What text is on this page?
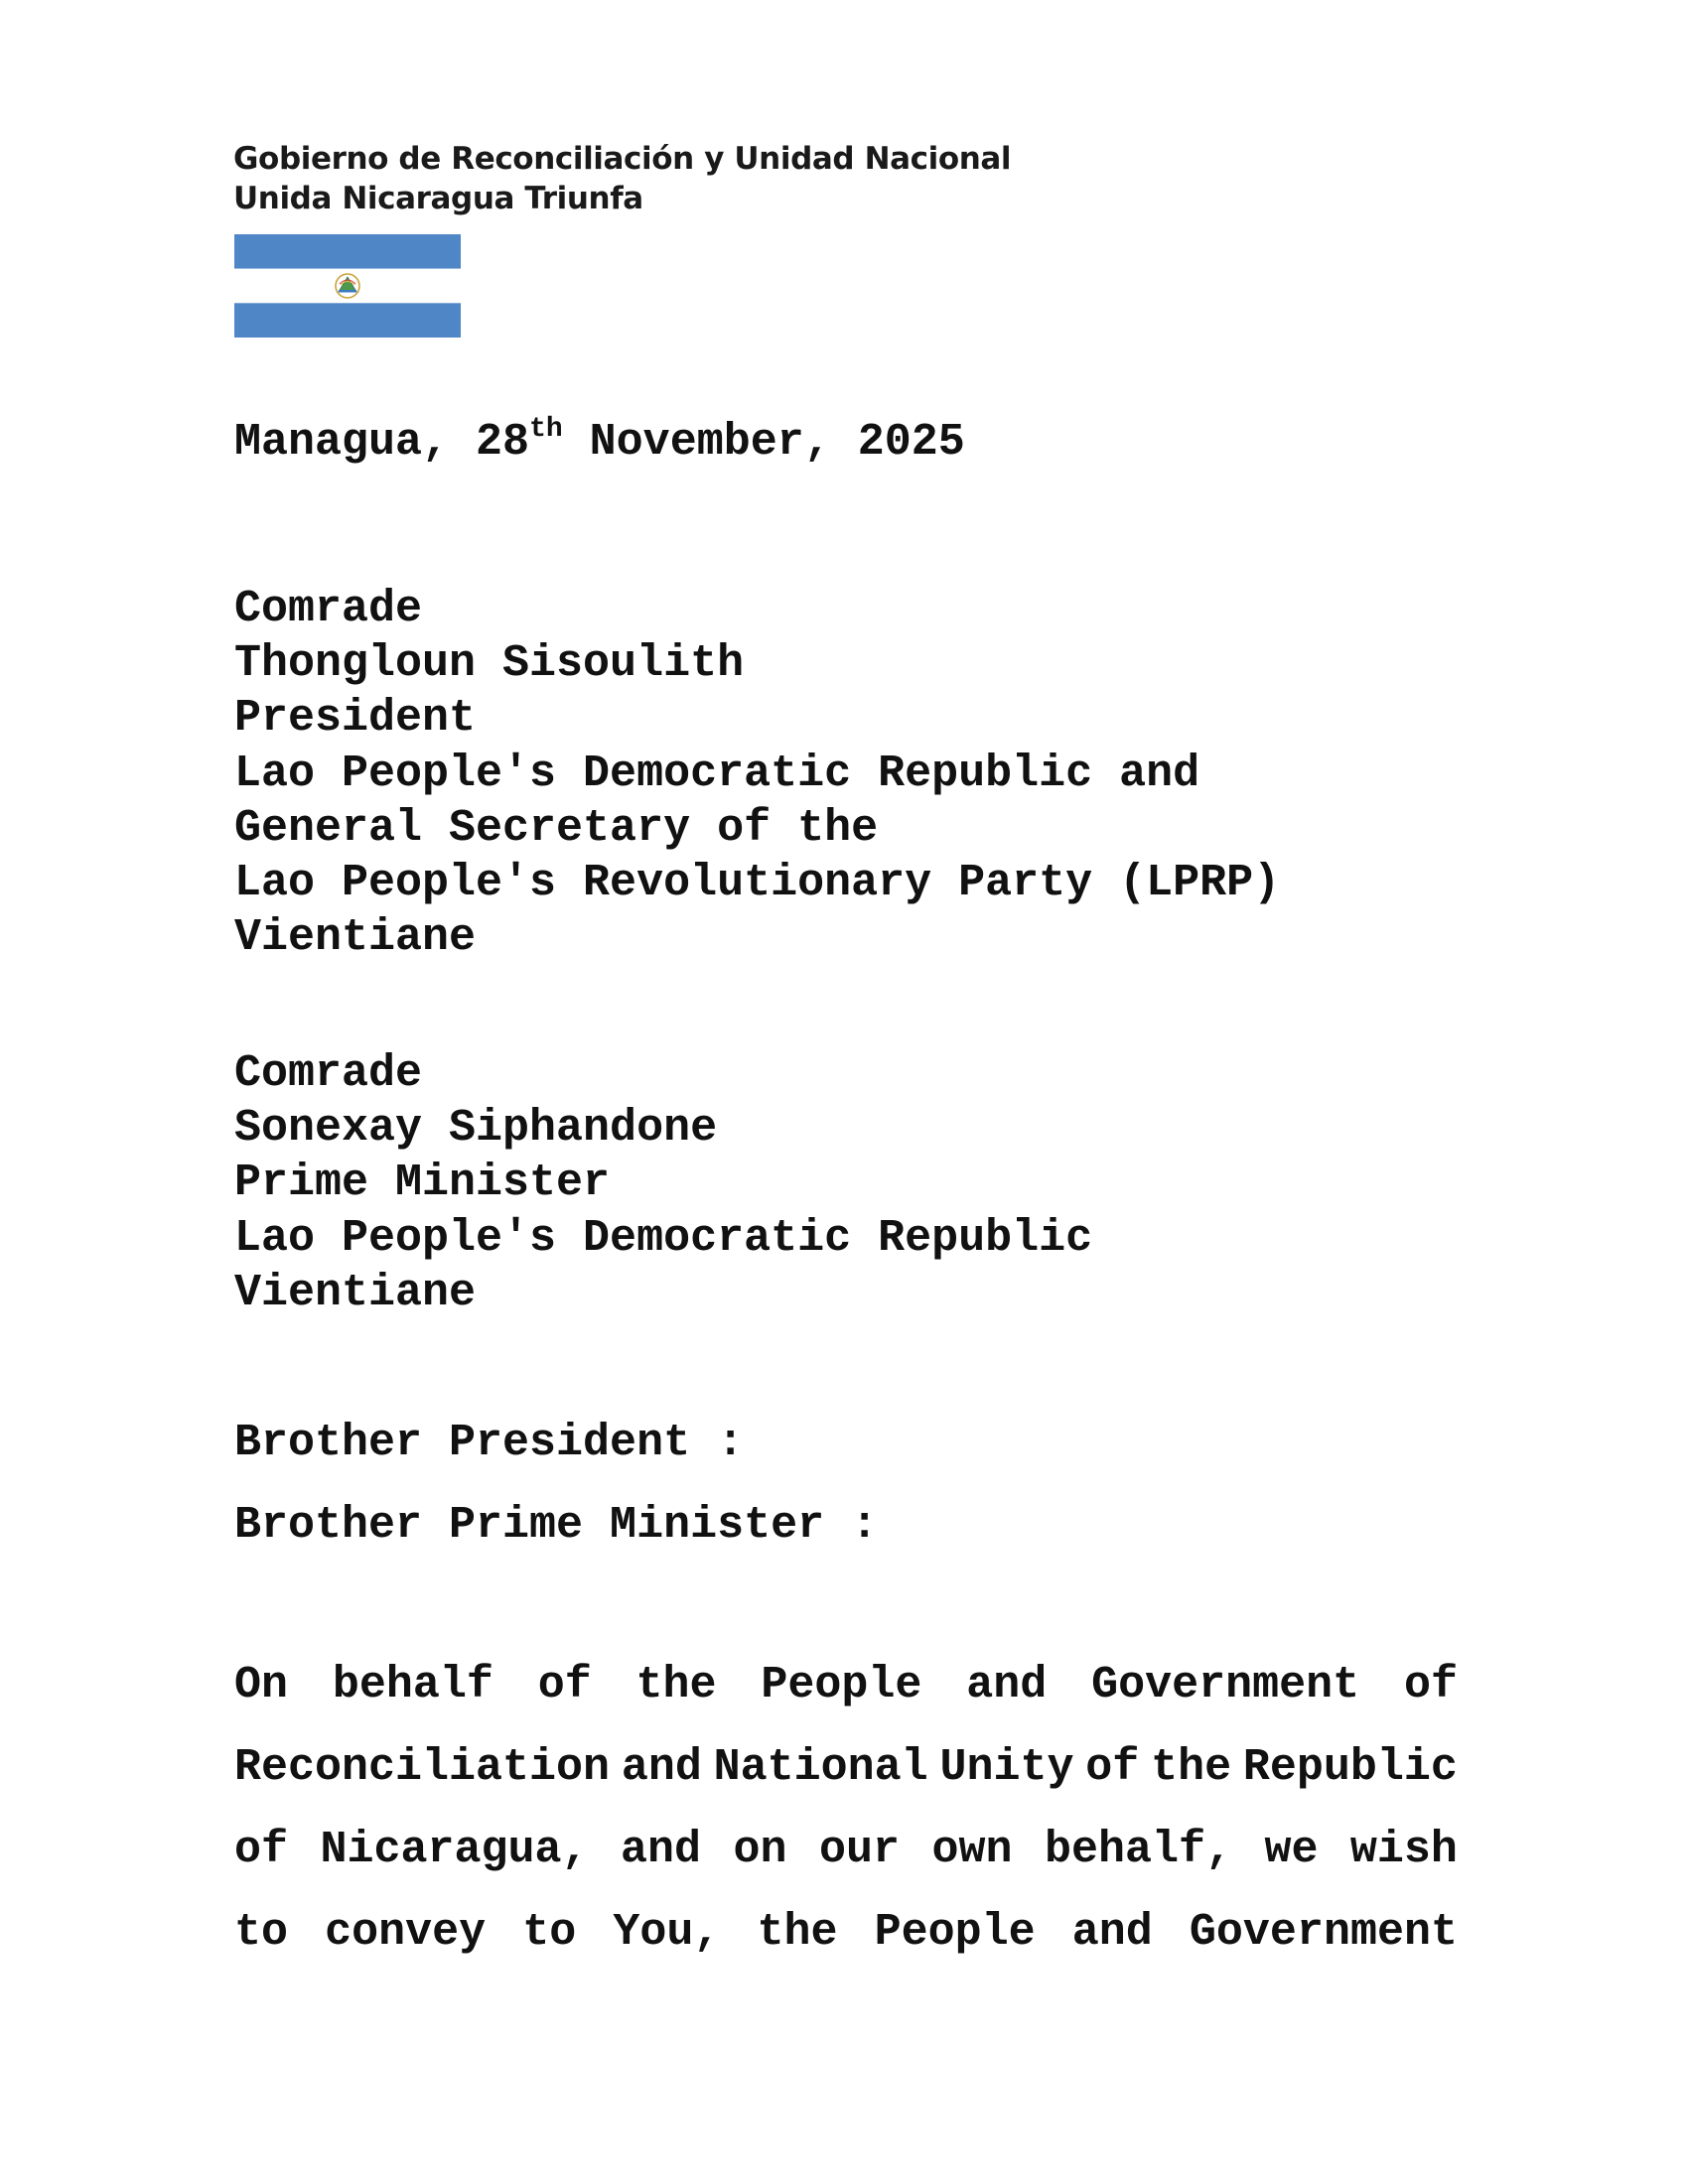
Gobierno de Reconciliación y Unidad Nacional
Unida Nicaragua Triunfa
Managua, 28th November, 2025
Comrade
Thongloun Sisoulith
President
Lao People's Democratic Republic and
General Secretary of the
Lao People's Revolutionary Party (LPRP)
Vientiane
Comrade
Sonexay Siphandone
Prime Minister
Lao People's Democratic Republic
Vientiane
Brother President :
Brother Prime Minister :
On behalf of the People and Government of
Reconciliation and National Unity of the Republic
of Nicaragua, and on our own behalf, we wish
to convey to You, the People and Government
